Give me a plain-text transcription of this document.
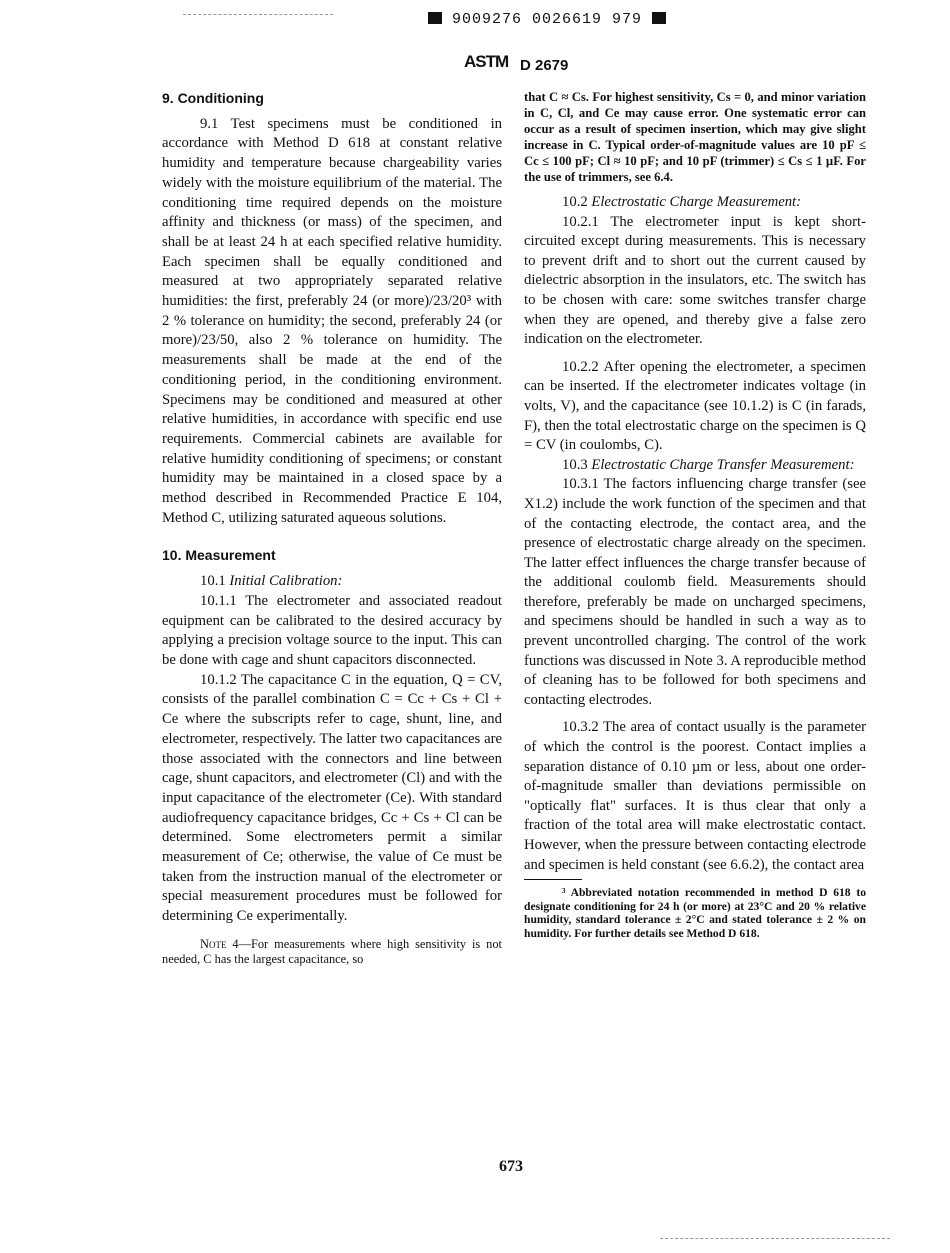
9009276 0026619 979
ASTM D 2679

9. Conditioning

9.1 Test specimens must be conditioned in accordance with Method D 618 at constant relative humidity and temperature because chargeability varies widely with the moisture equilibrium of the material. The conditioning time required depends on the moisture affinity and thickness (or mass) of the specimen, and shall be at least 24 h at each specified relative humidity. Each specimen shall be equally conditioned and measured at two appropriately separated relative humidities: the first, preferably 24 (or more)/23/20³ with 2 % tolerance on humidity; the second, preferably 24 (or more)/23/50, also 2 % tolerance on humidity. The measurements shall be made at the end of the conditioning period, in the conditioning environment. Specimens may be conditioned and measured at other relative humidities, in accordance with specific end use requirements. Commercial cabinets are available for relative humidity conditioning of specimens; or constant humidity may be maintained in a closed space by a method described in Recommended Practice E 104, Method C, utilizing saturated aqueous solutions.

10. Measurement

10.1 Initial Calibration:

10.1.1 The electrometer and associated readout equipment can be calibrated to the desired accuracy by applying a precision voltage source to the input. This can be done with cage and shunt capacitors disconnected.

10.1.2 The capacitance C in the equation, Q = CV, consists of the parallel combination C = Cc + Cs + Cl + Ce where the subscripts refer to cage, shunt, line, and electrometer, respectively. The latter two capacitances are those associated with the connectors and line between cage, shunt capacitors, and electrometer (Cl) and with the input capacitance of the electrometer (Ce). With standard audiofrequency capacitance bridges, Cc + Cs + Cl can be determined. Some electrometers permit a similar measurement of Ce; otherwise, the value of Ce must be taken from the instruction manual of the electrometer or special measurement procedures must be followed for determining Ce experimentally.

Note 4—For measurements where high sensitivity is not needed, C has the largest capacitance, so

that C ≈ Cs. For highest sensitivity, Cs = 0, and minor variation in C, Cl, and Ce may cause error. One systematic error can occur as a result of specimen insertion, which may give slight increase in C. Typical order-of-magnitude values are 10 pF ≤ Cc ≤ 100 pF; Cl ≈ 10 pF; and 10 pF (trimmer) ≤ Cs ≤ 1 µF. For the use of trimmers, see 6.4.

10.2 Electrostatic Charge Measurement:

10.2.1 The electrometer input is kept short-circuited except during measurements. This is necessary to prevent drift and to short out the current caused by dielectric absorption in the insulators, etc. The switch has to be chosen with care: some switches transfer charge when they are opened, and thereby give a false zero indication on the electrometer.

10.2.2 After opening the electrometer, a specimen can be inserted. If the electrometer indicates voltage (in volts, V), and the capacitance (see 10.1.2) is C (in farads, F), then the total electrostatic charge on the specimen is Q = CV (in coulombs, C).

10.3 Electrostatic Charge Transfer Measurement:

10.3.1 The factors influencing charge transfer (see X1.2) include the work function of the specimen and that of the contacting electrode, the contact area, and the presence of electrostatic charge already on the specimen. The latter effect influences the charge transfer because of the additional coulomb field. Measurements should therefore, preferably be made on uncharged specimens, and specimens should be handled in such a way as to prevent uncontrolled charging. The control of the work functions was discussed in Note 3. A reproducible method of cleaning has to be followed for both specimens and contacting electrodes.

10.3.2 The area of contact usually is the parameter of which the control is the poorest. Contact implies a separation distance of 0.10 µm or less, about one order-of-magnitude smaller than deviations permissible on "optically flat" surfaces. It is thus clear that only a fraction of the total area will make electrostatic contact. However, when the pressure between contacting electrode and specimen is held constant (see 6.6.2), the contact area

³ Abbreviated notation recommended in method D 618 to designate conditioning for 24 h (or more) at 23°C and 20 % relative humidity, standard tolerance ± 2°C and stated tolerance ± 2 % on humidity. For further details see Method D 618.

673
